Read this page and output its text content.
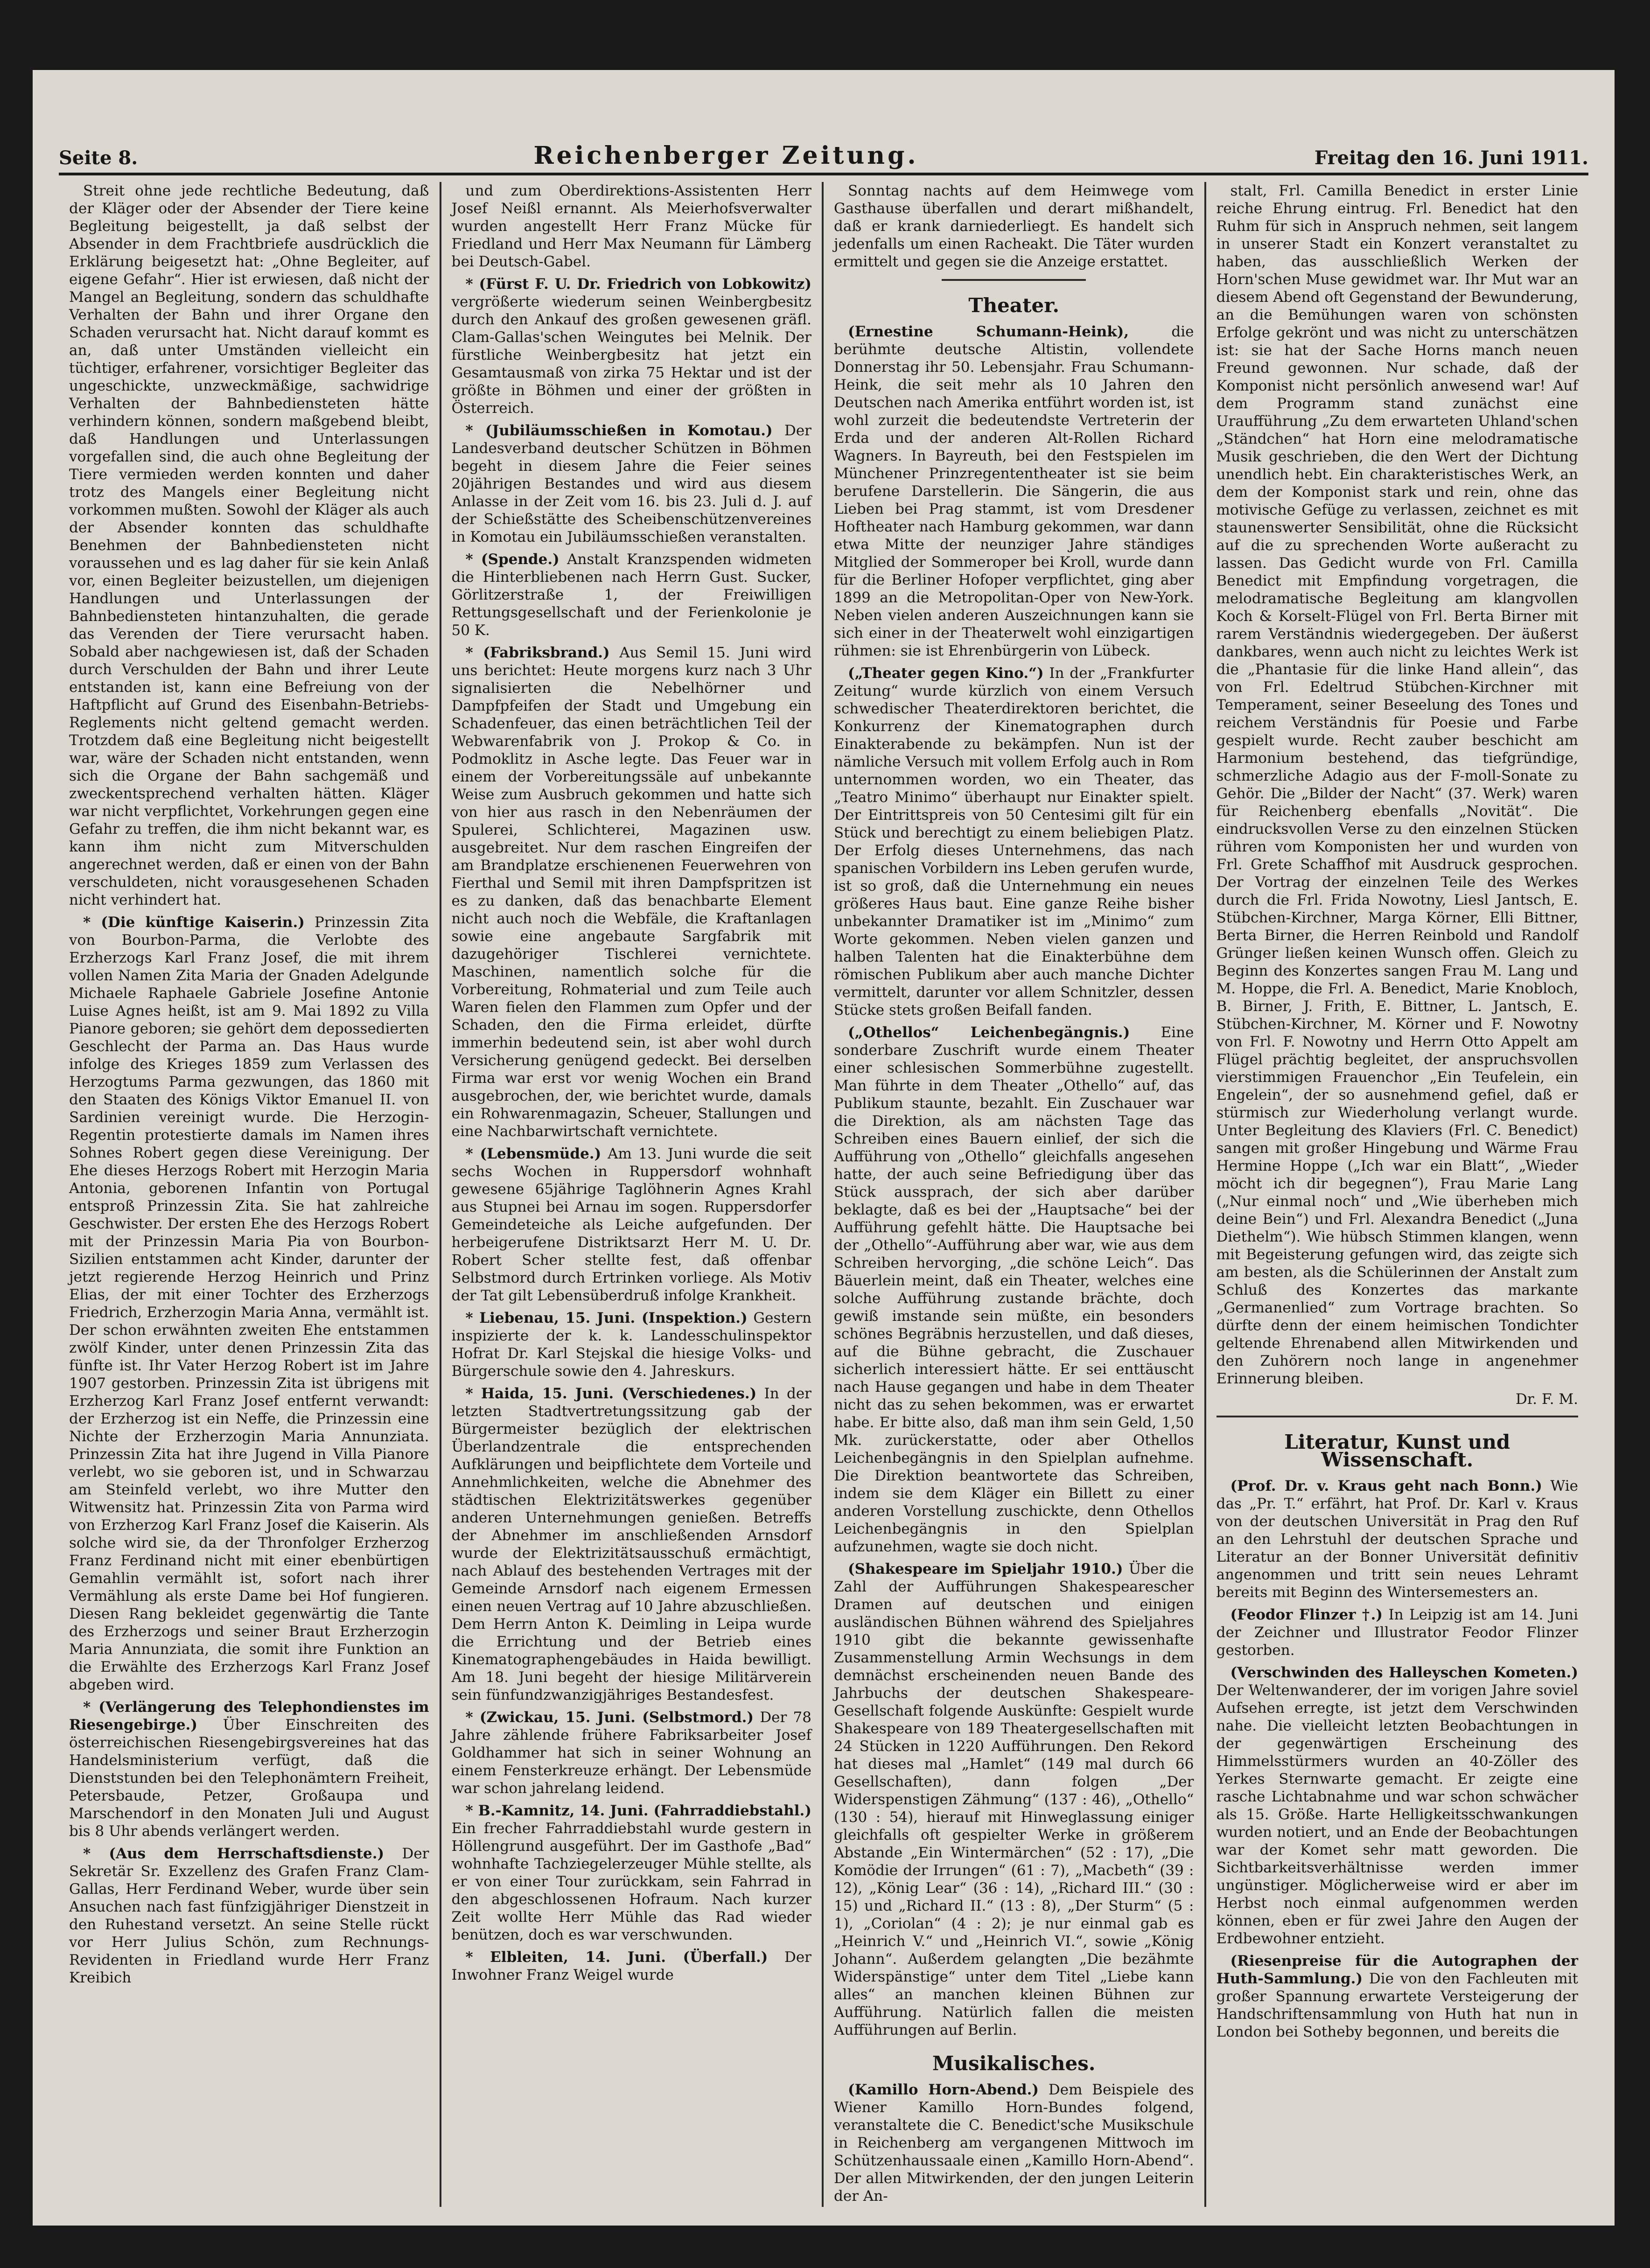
Seite 8.	Reichenberger Zeitung.	Freitag den 16. Juni 1911.

Streit ohne jede rechtliche Bedeutung, daß der Kläger oder der Absender der Tiere keine Begleitung beigestellt, ja daß selbst der Absender in dem Frachtbriefe ausdrücklich die Erklärung beigesetzt hat: „Ohne Begleiter, auf eigene Gefahr“. Hier ist erwiesen, daß nicht der Mangel an Begleitung, sondern das schuldhafte Verhalten der Bahn und ihrer Organe den Schaden verursacht hat. Nicht darauf kommt es an, daß unter Umständen vielleicht ein tüchtiger, erfahrener, vorsichtiger Begleiter das ungeschickte, unzweckmäßige, sachwidrige Verhalten der Bahnbediensteten hätte verhindern können, sondern maßgebend bleibt, daß Handlungen und Unterlassungen vorgefallen sind, die auch ohne Begleitung der Tiere vermieden werden konnten und daher trotz des Mangels einer Begleitung nicht vorkommen mußten. Sowohl der Kläger als auch der Absender konnten das schuldhafte Benehmen der Bahnbediensteten nicht voraussehen und es lag daher für sie kein Anlaß vor, einen Begleiter beizustellen, um diejenigen Handlungen und Unterlassungen der Bahnbediensteten hintanzuhalten, die gerade das Verenden der Tiere verursacht haben. Sobald aber nachgewiesen ist, daß der Schaden durch Verschulden der Bahn und ihrer Leute entstanden ist, kann eine Befreiung von der Haftpflicht auf Grund des Eisenbahn-Betriebs-Reglements nicht geltend gemacht werden. Trotzdem daß eine Begleitung nicht beigestellt war, wäre der Schaden nicht entstanden, wenn sich die Organe der Bahn sachgemäß und zweckentsprechend verhalten hätten. Kläger war nicht verpflichtet, Vorkehrungen gegen eine Gefahr zu treffen, die ihm nicht bekannt war, es kann ihm nicht zum Mitverschulden angerechnet werden, daß er einen von der Bahn verschuldeten, nicht vorausgesehenen Schaden nicht verhindert hat.

* (Die künftige Kaiserin.) Prinzessin Zita von Bourbon-Parma, die Verlobte des Erzherzogs Karl Franz Josef, die mit ihrem vollen Namen Zita Maria der Gnaden Adelgunde Michaele Raphaele Gabriele Josefine Antonie Luise Agnes heißt, ist am 9. Mai 1892 zu Villa Pianore geboren; sie gehört dem depossedierten Geschlecht der Parma an. Das Haus wurde infolge des Krieges 1859 zum Verlassen des Herzogtums Parma gezwungen, das 1860 mit den Staaten des Königs Viktor Emanuel II. von Sardinien vereinigt wurde. Die Herzogin-Regentin protestierte damals im Namen ihres Sohnes Robert gegen diese Vereinigung. Der Ehe dieses Herzogs Robert mit Herzogin Maria Antonia, geborenen Infantin von Portugal entsproß Prinzessin Zita. Sie hat zahlreiche Geschwister. Der ersten Ehe des Herzogs Robert mit der Prinzessin Maria Pia von Bourbon-Sizilien entstammen acht Kinder, darunter der jetzt regierende Herzog Heinrich und Prinz Elias, der mit einer Tochter des Erzherzogs Friedrich, Erzherzogin Maria Anna, vermählt ist. Der schon erwähnten zweiten Ehe entstammen zwölf Kinder, unter denen Prinzessin Zita das fünfte ist. Ihr Vater Herzog Robert ist im Jahre 1907 gestorben. Prinzessin Zita ist übrigens mit Erzherzog Karl Franz Josef entfernt verwandt: der Erzherzog ist ein Neffe, die Prinzessin eine Nichte der Erzherzogin Maria Annunziata. Prinzessin Zita hat ihre Jugend in Villa Pianore verlebt, wo sie geboren ist, und in Schwarzau am Steinfeld verlebt, wo ihre Mutter den Witwensitz hat. Prinzessin Zita von Parma wird von Erzherzog Karl Franz Josef die Kaiserin. Als solche wird sie, da der Thronfolger Erzherzog Franz Ferdinand nicht mit einer ebenbürtigen Gemahlin vermählt ist, sofort nach ihrer Vermählung als erste Dame bei Hof fungieren. Diesen Rang bekleidet gegenwärtig die Tante des Erzherzogs und seiner Braut Erzherzogin Maria Annunziata, die somit ihre Funktion an die Erwählte des Erzherzogs Karl Franz Josef abgeben wird.

* (Verlängerung des Telephondienstes im Riesengebirge.) Über Einschreiten des österreichischen Riesengebirgsvereines hat das Handelsministerium verfügt, daß die Dienststunden bei den Telephonämtern Freiheit, Petersbaude, Petzer, Großaupa und Marschendorf in den Monaten Juli und August bis 8 Uhr abends verlängert werden.

* (Aus dem Herrschaftsdienste.) Der Sekretär Sr. Exzellenz des Grafen Franz Clam-Gallas, Herr Ferdinand Weber, wurde über sein Ansuchen nach fast fünfzigjähriger Dienstzeit in den Ruhestand versetzt. An seine Stelle rückt vor Herr Julius Schön, zum Rechnungs-Revidenten in Friedland wurde Herr Franz Kreibich

und zum Oberdirektions-Assistenten Herr Josef Neißl ernannt. Als Meierhofsverwalter wurden angestellt Herr Franz Mücke für Friedland und Herr Max Neumann für Lämberg bei Deutsch-Gabel.

* (Fürst F. U. Dr. Friedrich von Lobkowitz) vergrößerte wiederum seinen Weinbergbesitz durch den Ankauf des großen gewesenen gräfl. Clam-Gallas'schen Weingutes bei Melnik. Der fürstliche Weinbergbesitz hat jetzt ein Gesamtausmaß von zirka 75 Hektar und ist der größte in Böhmen und einer der größten in Österreich.

* (Jubiläumsschießen in Komotau.) Der Landesverband deutscher Schützen in Böhmen begeht in diesem Jahre die Feier seines 20jährigen Bestandes und wird aus diesem Anlasse in der Zeit vom 16. bis 23. Juli d. J. auf der Schießstätte des Scheibenschützenvereines in Komotau ein Jubiläumsschießen veranstalten.

* (Spende.) Anstalt Kranzspenden widmeten die Hinterbliebenen nach Herrn Gust. Sucker, Görlitzerstraße 1, der Freiwilligen Rettungsgesellschaft und der Ferienkolonie je 50 K.

* (Fabriksbrand.) Aus Semil 15. Juni wird uns berichtet: Heute morgens kurz nach 3 Uhr signalisierten die Nebelhörner und Dampfpfeifen der Stadt und Umgebung ein Schadenfeuer, das einen beträchtlichen Teil der Webwarenfabrik von J. Prokop & Co. in Podmoklitz in Asche legte. Das Feuer war in einem der Vorbereitungssäle auf unbekannte Weise zum Ausbruch gekommen und hatte sich von hier aus rasch in den Nebenräumen der Spulerei, Schlichterei, Magazinen usw. ausgebreitet. Nur dem raschen Eingreifen der am Brandplatze erschienenen Feuerwehren von Fierthal und Semil mit ihren Dampfspritzen ist es zu danken, daß das benachbarte Element nicht auch noch die Webfäle, die Kraftanlagen sowie eine angebaute Sargfabrik mit dazugehöriger Tischlerei vernichtete. Maschinen, namentlich solche für die Vorbereitung, Rohmaterial und zum Teile auch Waren fielen den Flammen zum Opfer und der Schaden, den die Firma erleidet, dürfte immerhin bedeutend sein, ist aber wohl durch Versicherung genügend gedeckt. Bei derselben Firma war erst vor wenig Wochen ein Brand ausgebrochen, der, wie berichtet wurde, damals ein Rohwarenmagazin, Scheuer, Stallungen und eine Nachbarwirtschaft vernichtete.

* (Lebensmüde.) Am 13. Juni wurde die seit sechs Wochen in Ruppersdorf wohnhaft gewesene 65jährige Taglöhnerin Agnes Krahl aus Stupnei bei Arnau im sogen. Ruppersdorfer Gemeindeteiche als Leiche aufgefunden. Der herbeigerufene Distriktsarzt Herr M. U. Dr. Robert Scher stellte fest, daß offenbar Selbstmord durch Ertrinken vorliege. Als Motiv der Tat gilt Lebensüberdruß infolge Krankheit.

* Liebenau, 15. Juni. (Inspektion.) Gestern inspizierte der k. k. Landesschulinspektor Hofrat Dr. Karl Stejskal die hiesige Volks- und Bürgerschule sowie den 4. Jahreskurs.

* Haida, 15. Juni. (Verschiedenes.) In der letzten Stadtvertretungssitzung gab der Bürgermeister bezüglich der elektrischen Überlandzentrale die entsprechenden Aufklärungen und beipflichtete dem Vorteile und Annehmlichkeiten, welche die Abnehmer des städtischen Elektrizitätswerkes gegenüber anderen Unternehmungen genießen. Betreffs der Abnehmer im anschließenden Arnsdorf wurde der Elektrizitätsausschuß ermächtigt, nach Ablauf des bestehenden Vertrages mit der Gemeinde Arnsdorf nach eigenem Ermessen einen neuen Vertrag auf 10 Jahre abzuschließen. Dem Herrn Anton K. Deimling in Leipa wurde die Errichtung und der Betrieb eines Kinematographengebäudes in Haida bewilligt. Am 18. Juni begeht der hiesige Militärverein sein fünfundzwanzigjähriges Bestandesfest.

* (Zwickau, 15. Juni. (Selbstmord.) Der 78 Jahre zählende frühere Fabriksarbeiter Josef Goldhammer hat sich in seiner Wohnung an einem Fensterkreuze erhängt. Der Lebensmüde war schon jahrelang leidend.

* B.-Kamnitz, 14. Juni. (Fahrraddiebstahl.) Ein frecher Fahrraddiebstahl wurde gestern in Höllengrund ausgeführt. Der im Gasthofe „Bad“ wohnhafte Tachziegelerzeuger Mühle stellte, als er von einer Tour zurückkam, sein Fahrrad in den abgeschlossenen Hofraum. Nach kurzer Zeit wollte Herr Mühle das Rad wieder benützen, doch es war verschwunden.

* Elbleiten, 14. Juni. (Überfall.) Der Inwohner Franz Weigel wurde

Sonntag nachts auf dem Heimwege vom Gasthause überfallen und derart mißhandelt, daß er krank darniederliegt. Es handelt sich jedenfalls um einen Racheakt. Die Täter wurden ermittelt und gegen sie die Anzeige erstattet.

Theater.

(Ernestine Schumann-Heink),	die berühmte deutsche Altistin, vollendete Donnerstag ihr 50. Lebensjahr. Frau Schumann-Heink, die seit mehr als 10 Jahren den Deutschen nach Amerika entführt worden ist, ist wohl zurzeit die bedeutendste Vertreterin der Erda und der anderen Alt-Rollen Richard Wagners. In Bayreuth, bei den Festspielen im Münchener Prinzregententheater ist sie beim berufene Darstellerin. Die Sängerin, die aus Lieben bei Prag stammt, ist vom Dresdener Hoftheater nach Hamburg gekommen, war dann etwa Mitte der neunziger Jahre ständiges Mitglied der Sommeroper bei Kroll, wurde dann für die Berliner Hofoper verpflichtet, ging aber 1899 an die Metropolitan-Oper von New-York. Neben vielen anderen Auszeichnungen kann sie sich einer in der Theaterwelt wohl einzigartigen rühmen: sie ist Ehrenbürgerin von Lübeck.

(„Theater gegen Kino.“) In der „Frankfurter Zeitung“ wurde kürzlich von einem Versuch schwedischer Theaterdirektoren berichtet, die Konkurrenz der Kinematographen durch Einakterabende zu bekämpfen. Nun ist der nämliche Versuch mit vollem Erfolg auch in Rom unternommen worden, wo ein Theater, das „Teatro Minimo“ überhaupt nur Einakter spielt. Der Eintrittspreis von 50 Centesimi gilt für ein Stück und berechtigt zu einem beliebigen Platz. Der Erfolg dieses Unternehmens, das nach spanischen Vorbildern ins Leben gerufen wurde, ist so groß, daß die Unternehmung ein neues größeres Haus baut. Eine ganze Reihe bisher unbekannter Dramatiker ist im „Minimo“ zum Worte gekommen. Neben vielen ganzen und halben Talenten hat die Einakterbühne dem römischen Publikum aber auch manche Dichter vermittelt, darunter vor allem Schnitzler, dessen Stücke stets großen Beifall fanden.

(„Othellos“ Leichenbegängnis.) Eine sonderbare Zuschrift wurde einem Theater einer schlesischen Sommerbühne zugestellt. Man führte in dem Theater „Othello“ auf, das Publikum staunte, bezahlt. Ein Zuschauer war die Direktion, als am nächsten Tage das Schreiben eines Bauern einlief, der sich die Aufführung von „Othello“ gleichfalls angesehen hatte, der auch seine Befriedigung über das Stück aussprach, der sich aber darüber beklagte, daß es bei der „Hauptsache“ bei der Aufführung gefehlt hätte. Die Hauptsache bei der „Othello“-Aufführung aber war, wie aus dem Schreiben hervorging, „die schöne Leich“. Das Bäuerlein meint, daß ein Theater, welches eine solche Aufführung zustande brächte, doch gewiß imstande sein müßte, ein besonders schönes Begräbnis herzustellen, und daß dieses, auf die Bühne gebracht, die Zuschauer sicherlich interessiert hätte. Er sei enttäuscht nach Hause gegangen und habe in dem Theater nicht das zu sehen bekommen, was er erwartet habe. Er bitte also, daß man ihm sein Geld, 1,50 Mk. zurückerstatte, oder aber Othellos Leichenbegängnis in den Spielplan aufnehme. Die Direktion beantwortete das Schreiben, indem sie dem Kläger ein Billett zu einer anderen Vorstellung zuschickte, denn Othellos Leichenbegängnis in den Spielplan aufzunehmen, wagte sie doch nicht.

(Shakespeare im Spieljahr 1910.) Über die Zahl der Aufführungen Shakespearescher Dramen auf deutschen und einigen ausländischen Bühnen während des Spieljahres 1910 gibt die bekannte gewissenhafte Zusammenstellung Armin Wechsungs in dem demnächst erscheinenden neuen Bande des Jahrbuchs der deutschen Shakespeare-Gesellschaft folgende Auskünfte: Gespielt wurde Shakespeare von 189 Theatergesellschaften mit 24 Stücken in 1220 Aufführungen. Den Rekord hat dieses mal „Hamlet“ (149 mal durch 66 Gesellschaften), dann folgen „Der Widerspenstigen Zähmung“ (137 : 46), „Othello“ (130 : 54), hierauf mit Hinweglassung einiger gleichfalls oft gespielter Werke in größerem Abstande „Ein Wintermärchen“ (52 : 17), „Die Komödie der Irrungen“ (61 : 7), „Macbeth“ (39 : 12), „König Lear“ (36 : 14), „Richard III.“ (30 : 15) und „Richard II.“ (13 : 8), „Der Sturm“ (5 : 1), „Coriolan“ (4 : 2); je nur einmal gab es „Heinrich V.“ und „Heinrich VI.“, sowie „König Johann“. Außerdem gelangten „Die bezähmte Widerspänstige“ unter dem Titel „Liebe kann alles“ an manchen kleinen Bühnen zur Aufführung. Natürlich fallen die meisten Aufführungen auf Berlin.

Musikalisches.

(Kamillo Horn-Abend.) Dem Beispiele des Wiener Kamillo Horn-Bundes folgend, veranstaltete die C. Benedict'sche Musikschule in Reichenberg am vergangenen Mittwoch im Schützenhaussaale einen „Kamillo Horn-Abend“. Der allen Mitwirkenden, der den jungen Leiterin der An-

stalt, Frl. Camilla Benedict in erster Linie reiche Ehrung eintrug. Frl. Benedict hat den Ruhm für sich in Anspruch nehmen, seit langem in unserer Stadt ein Konzert veranstaltet zu haben, das ausschließlich Werken der Horn'schen Muse gewidmet war. Ihr Mut war an diesem Abend oft Gegenstand der Bewunderung, an die Bemühungen waren von schönsten Erfolge gekrönt und was nicht zu unterschätzen ist: sie hat der Sache Horns manch neuen Freund gewonnen. Nur schade, daß der Komponist nicht persönlich anwesend war! Auf dem Programm stand zunächst eine Uraufführung „Zu dem erwarteten Uhland'schen „Ständchen“ hat Horn eine melodramatische Musik geschrieben, die den Wert der Dichtung unendlich hebt. Ein charakteristisches Werk, an dem der Komponist stark und rein, ohne das motivische Gefüge zu verlassen, zeichnet es mit staunenswerter Sensibilität, ohne die Rücksicht auf die zu sprechenden Worte außeracht zu lassen. Das Gedicht wurde von Frl. Camilla Benedict mit Empfindung vorgetragen, die melodramatische Begleitung am klangvollen Koch & Korselt-Flügel von Frl. Berta Birner mit rarem Verständnis wiedergegeben. Der äußerst dankbares, wenn auch nicht zu leichtes Werk ist die „Phantasie für die linke Hand allein“, das von Frl. Edeltrud Stübchen-Kirchner mit Temperament, seiner Beseelung des Tones und reichem Verständnis für Poesie und Farbe gespielt wurde. Recht zauber beschicht am Harmonium bestehend, das tiefgründige, schmerzliche Adagio aus der F-moll-Sonate zu Gehör. Die „Bilder der Nacht“ (37. Werk) waren für Reichenberg ebenfalls „Novität“. Die eindrucksvollen Verse zu den einzelnen Stücken rühren vom Komponisten her und wurden von Frl. Grete Schaffhof mit Ausdruck gesprochen. Der Vortrag der einzelnen Teile des Werkes durch die Frl. Frida Nowotny, Liesl Jantsch, E. Stübchen-Kirchner, Marga Körner, Elli Bittner, Berta Birner, die Herren Reinbold und Randolf Grünger ließen keinen Wunsch offen. Gleich zu Beginn des Konzertes sangen Frau M. Lang und M. Hoppe, die Frl. A. Benedict, Marie Knobloch, B. Birner, J. Frith, E. Bittner, L. Jantsch, E. Stübchen-Kirchner, M. Körner und F. Nowotny von Frl. F. Nowotny und Herrn Otto Appelt am Flügel prächtig begleitet, der anspruchsvollen vierstimmigen Frauenchor „Ein Teufelein, ein Engelein“, der so ausnehmend gefiel, daß er stürmisch zur Wiederholung verlangt wurde. Unter Begleitung des Klaviers (Frl. C. Benedict) sangen mit großer Hingebung und Wärme Frau Hermine Hoppe („Ich war ein Blatt“, „Wieder möcht ich dir begegnen“), Frau Marie Lang („Nur einmal noch“ und „Wie überheben mich deine Bein“) und Frl. Alexandra Benedict („Juna Diethelm“). Wie hübsch Stimmen klangen, wenn mit Begeisterung gefungen wird, das zeigte sich am besten, als die Schülerinnen der Anstalt zum Schluß des Konzertes das markante „Germanenlied“ zum Vortrage brachten. So dürfte denn der einem heimischen Tondichter geltende Ehrenabend allen Mitwirkenden und den Zuhörern noch lange in angenehmer Erinnerung bleiben.

Dr. F. M.

Literatur, Kunst und Wissenschaft.

(Prof. Dr. v. Kraus geht nach Bonn.) Wie das „Pr. T.“ erfährt, hat Prof. Dr. Karl v. Kraus von der deutschen Universität in Prag den Ruf an den Lehrstuhl der deutschen Sprache und Literatur an der Bonner Universität definitiv angenommen und tritt sein neues Lehramt bereits mit Beginn des Wintersemesters an.

(Feodor Flinzer †.) In Leipzig ist am 14. Juni der Zeichner und Illustrator Feodor Flinzer gestorben.

(Verschwinden des Halleyschen Kometen.) Der Weltenwanderer, der im vorigen Jahre soviel Aufsehen erregte, ist jetzt dem Verschwinden nahe. Die vielleicht letzten Beobachtungen in der gegenwärtigen Erscheinung des Himmelsstürmers wurden an 40-Zöller des Yerkes Sternwarte gemacht. Er zeigte eine rasche Lichtabnahme und war schon schwächer als 15. Größe. Harte Helligkeitsschwankungen wurden notiert, und an Ende der Beobachtungen war der Komet sehr matt geworden. Die Sichtbarkeitsverhältnisse werden immer ungünstiger. Möglicherweise wird er aber im Herbst noch einmal aufgenommen werden können, eben er für zwei Jahre den Augen der Erdbewohner entzieht.

(Riesenpreise für die Autographen der Huth-Sammlung.) Die von den Fachleuten mit großer Spannung erwartete Versteigerung der Handschriftensammlung von Huth hat nun in London bei Sotheby begonnen, und bereits die
